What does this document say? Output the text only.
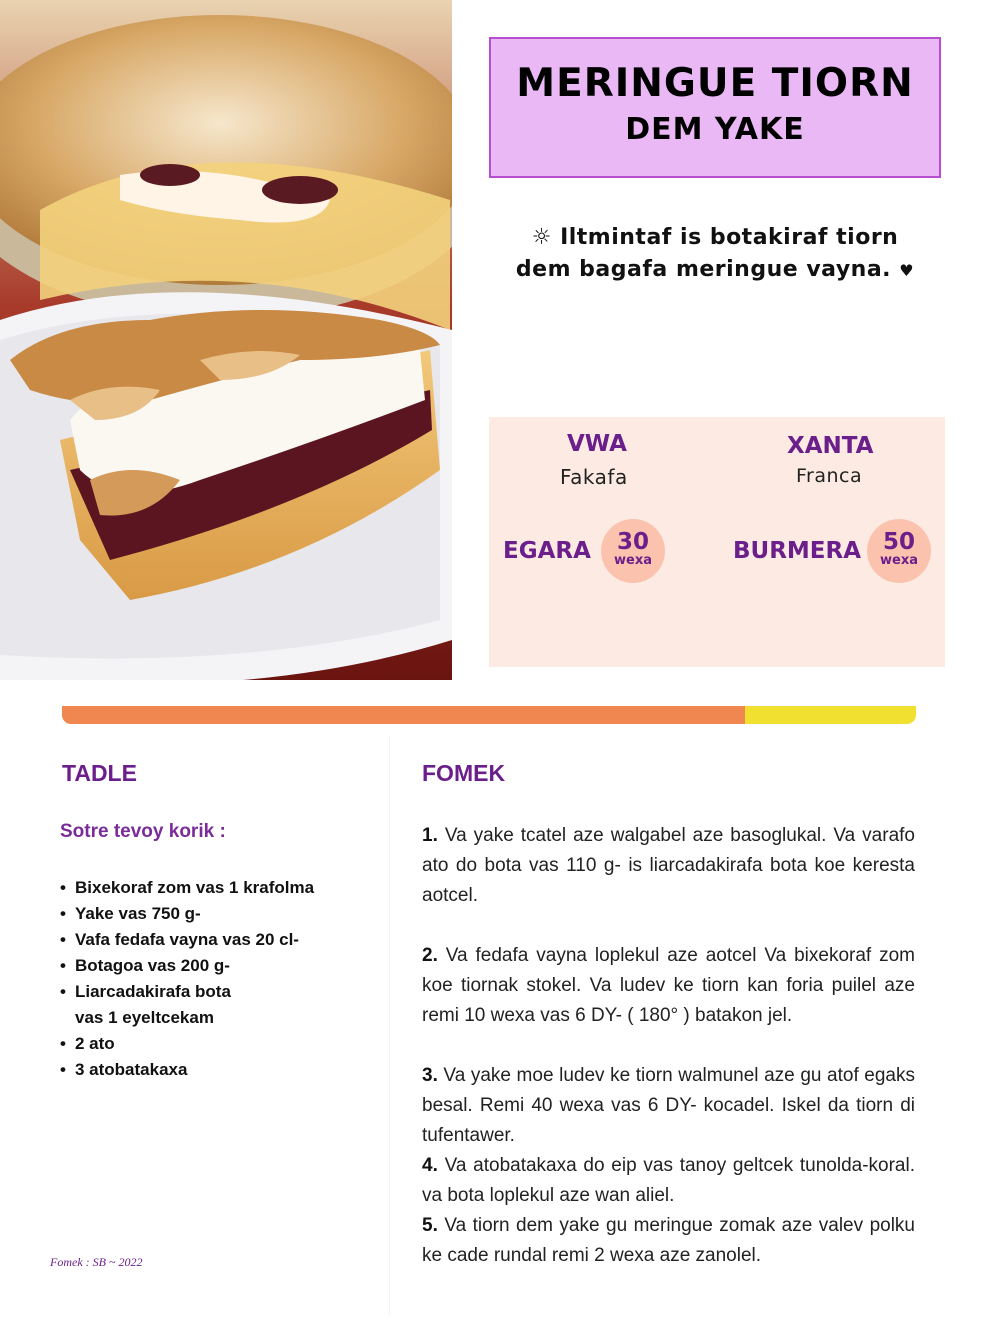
MERINGUE TIORN
DEM YAKE
☼ Iltmintaf is botakiraf tiorn
dem bagafa meringue vayna. ♥
VWA
Fakafa
XANTA
Franca
EGARA	30
wexa	BURMERA 50
wexa
TADLE
Sotre tevoy korik :
• Bixekoraf zom vas 1 krafolma
• Yake vas 750 g-
• Vafa fedafa vayna vas 20 cl-
• Botagoa vas 200 g-
• Liarcadakirafa bota
vas 1 eyeltcekam
• 2 ato
• 3 atobatakaxa
FOMEK

1. Va yake tcatel aze walgabel aze basoglukal. Va varafo ato do bota vas 110 g- is liarcadakirafa bota koe keresta aotcel.

2. Va fedafa vayna loplekul aze aotcel Va bixekoraf zom koe tiornak stokel. Va ludev ke tiorn kan foria puilel aze remi 10 wexa vas 6 DY- ( 180° ) batakon jel.

3. Va yake moe ludev ke tiorn walmunel aze gu atof egaks besal. Remi 40 wexa vas 6 DY- kocadel. Iskel da tiorn di tufentawer.

4. Va atobatakaxa do eip vas tanoy geltcek tunolda-koral. va bota loplekul aze wan aliel.

5. Va tiorn dem yake gu meringue zomak aze valev polku ke cade rundal remi 2 wexa aze zanolel.

Fomek : SB ~ 2022
